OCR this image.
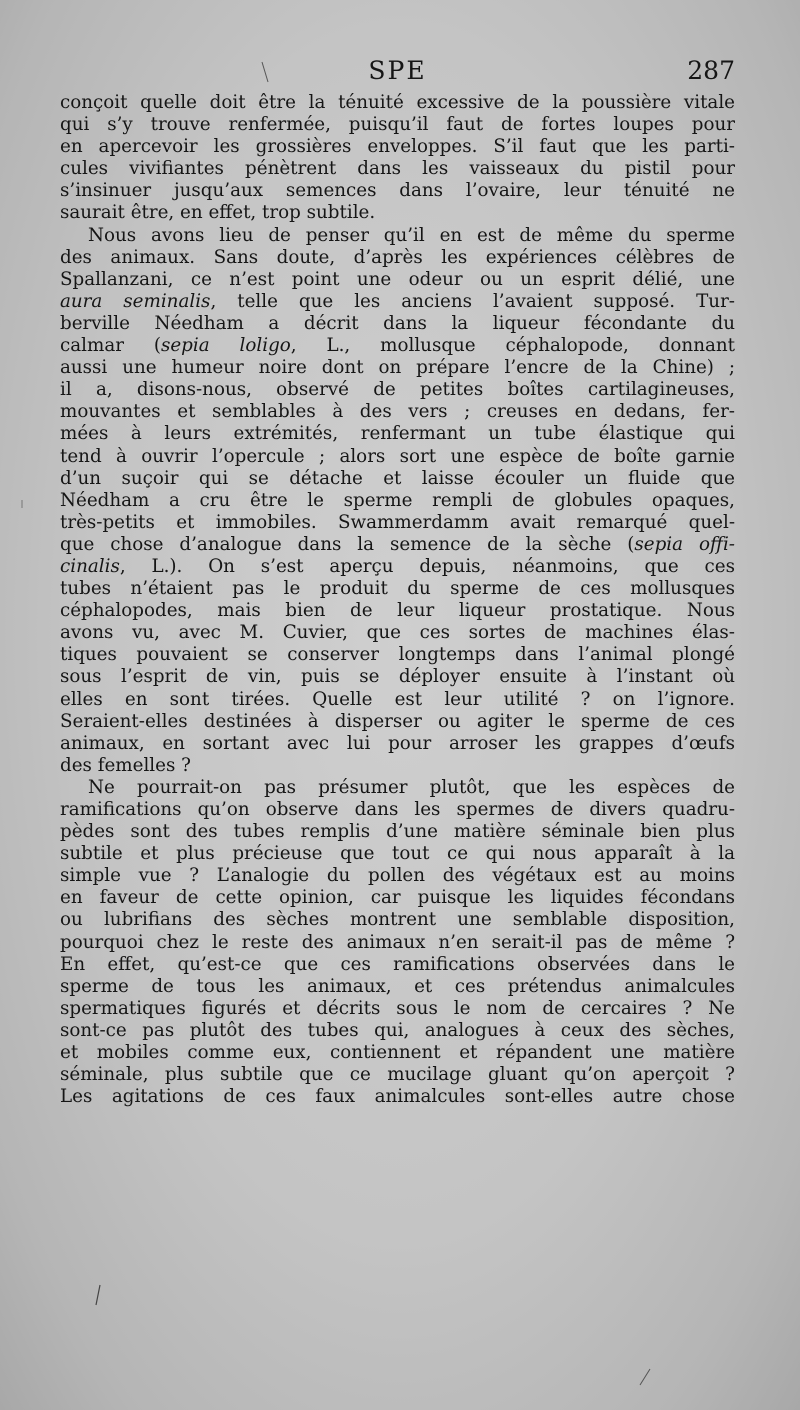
SPE	287
conçoit quelle doit être la ténuité excessive de la poussière vitale
qui s’y trouve renfermée, puisqu’il faut de fortes loupes pour
en apercevoir les grossières enveloppes. S’il faut que les parti-
cules vivifiantes pénètrent dans les vaisseaux du pistil pour
s’insinuer jusqu’aux semences dans l’ovaire, leur ténuité ne
saurait être, en effet, trop subtile.
Nous avons lieu de penser qu’il en est de même du sperme
des animaux. Sans doute, d’après les expériences célèbres de
Spallanzani, ce n’est point une odeur ou un esprit délié, une
aura seminalis, telle que les anciens l’avaient supposé. Tur-
berville Néedham a décrit dans la liqueur fécondante du
calmar (sepia loligo, L., mollusque céphalopode, donnant
aussi une humeur noire dont on prépare l’encre de la Chine) ;
il a, disons-nous, observé de petites boîtes cartilagineuses,
mouvantes et semblables à des vers ; creuses en dedans, fer-
mées à leurs extrémités, renfermant un tube élastique qui
tend à ouvrir l’opercule ; alors sort une espèce de boîte garnie
d’un suçoir qui se détache et laisse écouler un fluide que
Néedham a cru être le sperme rempli de globules opaques,
très-petits et immobiles. Swammerdamm avait remarqué quel-
que chose d’analogue dans la semence de la sèche (sepia offi-
cinalis, L.). On s’est aperçu depuis, néanmoins, que ces
tubes n’étaient pas le produit du sperme de ces mollusques
céphalopodes, mais bien de leur liqueur prostatique. Nous
avons vu, avec M. Cuvier, que ces sortes de machines élas-
tiques pouvaient se conserver longtemps dans l’animal plongé
sous l’esprit de vin, puis se déployer ensuite à l’instant où
elles en sont tirées. Quelle est leur utilité ? on l’ignore.
Seraient-elles destinées à disperser ou agiter le sperme de ces
animaux, en sortant avec lui pour arroser les grappes d’œufs
des femelles ?
Ne pourrait-on pas présumer plutôt, que les espèces de
ramifications qu’on observe dans les spermes de divers quadru-
pèdes sont des tubes remplis d’une matière séminale bien plus
subtile et plus précieuse que tout ce qui nous apparaît à la
simple vue ? L’analogie du pollen des végétaux est au moins
en faveur de cette opinion, car puisque les liquides fécondans
ou lubrifians des sèches montrent une semblable disposition,
pourquoi chez le reste des animaux n’en serait-il pas de même ?
En effet, qu’est-ce que ces ramifications observées dans le
sperme de tous les animaux, et ces prétendus animalcules
spermatiques figurés et décrits sous le nom de cercaires ? Ne
sont-ce pas plutôt des tubes qui, analogues à ceux des sèches,
et mobiles comme eux, contiennent et répandent une matière
séminale, plus subtile que ce mucilage gluant qu’on aperçoit ?
Les agitations de ces faux animalcules sont-elles autre chose
